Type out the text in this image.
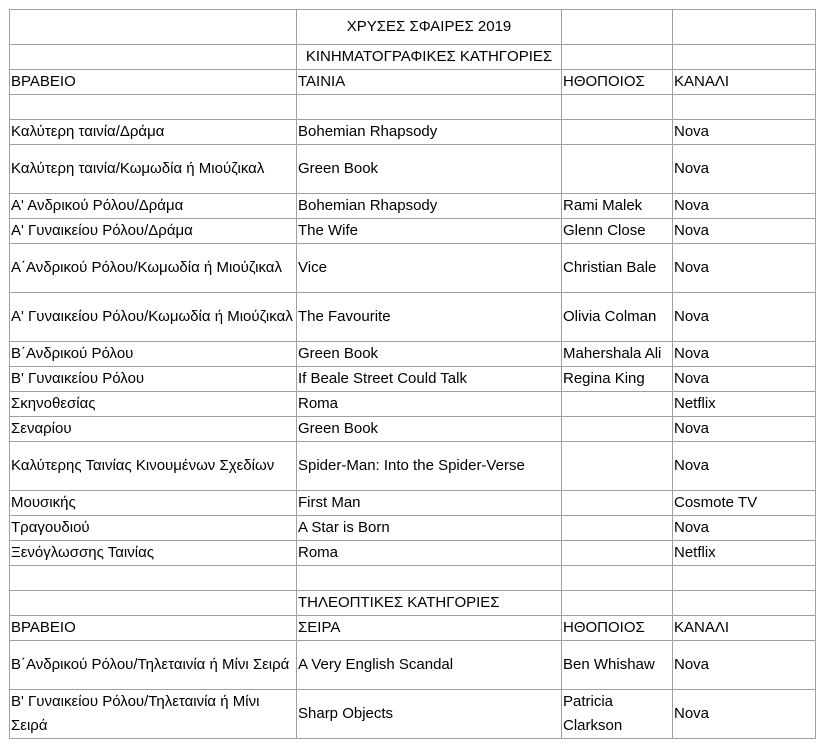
	ΧΡΥΣΕΣ ΣΦΑΙΡΕΣ 2019		
	ΚΙΝΗΜΑΤΟΓΡΑΦΙΚΕΣ ΚΑΤΗΓΟΡΙΕΣ		
ΒΡΑΒΕΙΟ	ΤΑΙΝΙΑ	ΗΘΟΠΟΙΟΣ	ΚΑΝΑΛΙ

Καλύτερη ταινία/Δράμα	Bohemian Rhapsody		Nova
Καλύτερη ταινία/Κωμωδία ή Μιούζικαλ	Green Book		Nova
Α' Ανδρικού Ρόλου/Δράμα	Bohemian Rhapsody	Rami Malek	Nova
Α' Γυναικείου Ρόλου/Δράμα	The Wife	Glenn Close	Nova
Α΄Ανδρικού Ρόλου/Κωμωδία ή Μιούζικαλ	Vice	Christian Bale	Nova
Α' Γυναικείου Ρόλου/Κωμωδία ή Μιούζικαλ	The Favourite	Olivia Colman	Nova
Β΄Ανδρικού Ρόλου	Green Book	Mahershala Ali	Nova
Β' Γυναικείου Ρόλου	If Beale Street Could Talk	Regina King	Nova
Σκηνοθεσίας	Roma		Netflix
Σεναρίου	Green Book		Nova
Καλύτερης Ταινίας Κινουμένων Σχεδίων	Spider-Man: Into the Spider-Verse		Nova
Μουσικής	First Man		Cosmote TV
Τραγουδιού	A Star is Born		Nova
Ξενόγλωσσης Ταινίας	Roma		Netflix

	ΤΗΛΕΟΠΤΙΚΕΣ ΚΑΤΗΓΟΡΙΕΣ		
ΒΡΑΒΕΙΟ	ΣΕΙΡΑ	ΗΘΟΠΟΙΟΣ	ΚΑΝΑΛΙ
Β΄Ανδρικού Ρόλου/Τηλεταινία ή Μίνι Σειρά	A Very English Scandal	Ben Whishaw	Nova
Β' Γυναικείου Ρόλου/Τηλεταινία ή Μίνι Σειρά	Sharp Objects	Patricia Clarkson	Nova
